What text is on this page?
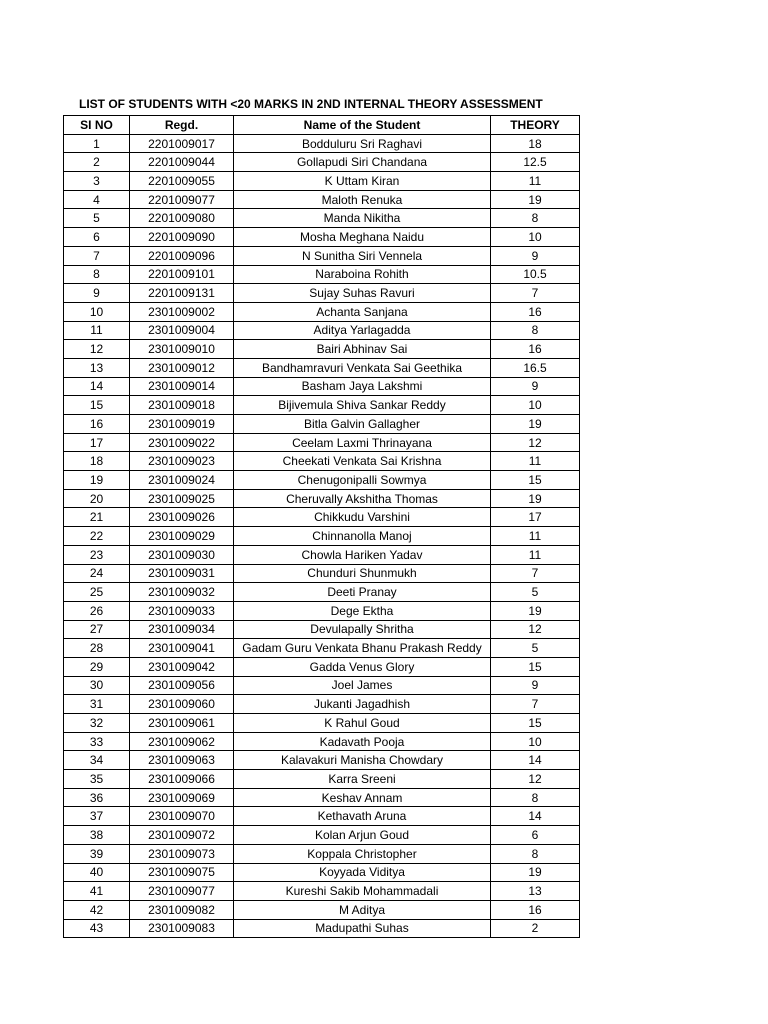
LIST OF STUDENTS WITH <20 MARKS IN 2ND INTERNAL THEORY ASSESSMENT
SI NO	Regd.	Name of the Student	THEORY
1	2201009017	Bodduluru Sri Raghavi	18
2	2201009044	Gollapudi Siri Chandana	12.5
3	2201009055	K Uttam Kiran	11
4	2201009077	Maloth Renuka	19
5	2201009080	Manda Nikitha	8
6	2201009090	Mosha Meghana Naidu	10
7	2201009096	N Sunitha Siri Vennela	9
8	2201009101	Naraboina Rohith	10.5
9	2201009131	Sujay Suhas Ravuri	7
10	2301009002	Achanta Sanjana	16
11	2301009004	Aditya Yarlagadda	8
12	2301009010	Bairi Abhinav Sai	16
13	2301009012	Bandhamravuri Venkata Sai Geethika	16.5
14	2301009014	Basham Jaya Lakshmi	9
15	2301009018	Bijivemula Shiva Sankar Reddy	10
16	2301009019	Bitla Galvin Gallagher	19
17	2301009022	Ceelam Laxmi Thrinayana	12
18	2301009023	Cheekati Venkata Sai Krishna	11
19	2301009024	Chenugonipalli Sowmya	15
20	2301009025	Cheruvally Akshitha Thomas	19
21	2301009026	Chikkudu Varshini	17
22	2301009029	Chinnanolla Manoj	11
23	2301009030	Chowla Hariken Yadav	11
24	2301009031	Chunduri Shunmukh	7
25	2301009032	Deeti Pranay	5
26	2301009033	Dege Ektha	19
27	2301009034	Devulapally Shritha	12
28	2301009041	Gadam Guru Venkata Bhanu Prakash Reddy	5
29	2301009042	Gadda Venus Glory	15
30	2301009056	Joel James	9
31	2301009060	Jukanti Jagadhish	7
32	2301009061	K Rahul Goud	15
33	2301009062	Kadavath Pooja	10
34	2301009063	Kalavakuri Manisha Chowdary	14
35	2301009066	Karra Sreeni	12
36	2301009069	Keshav Annam	8
37	2301009070	Kethavath Aruna	14
38	2301009072	Kolan Arjun Goud	6
39	2301009073	Koppala Christopher	8
40	2301009075	Koyyada Viditya	19
41	2301009077	Kureshi Sakib Mohammadali	13
42	2301009082	M Aditya	16
43	2301009083	Madupathi Suhas	2
